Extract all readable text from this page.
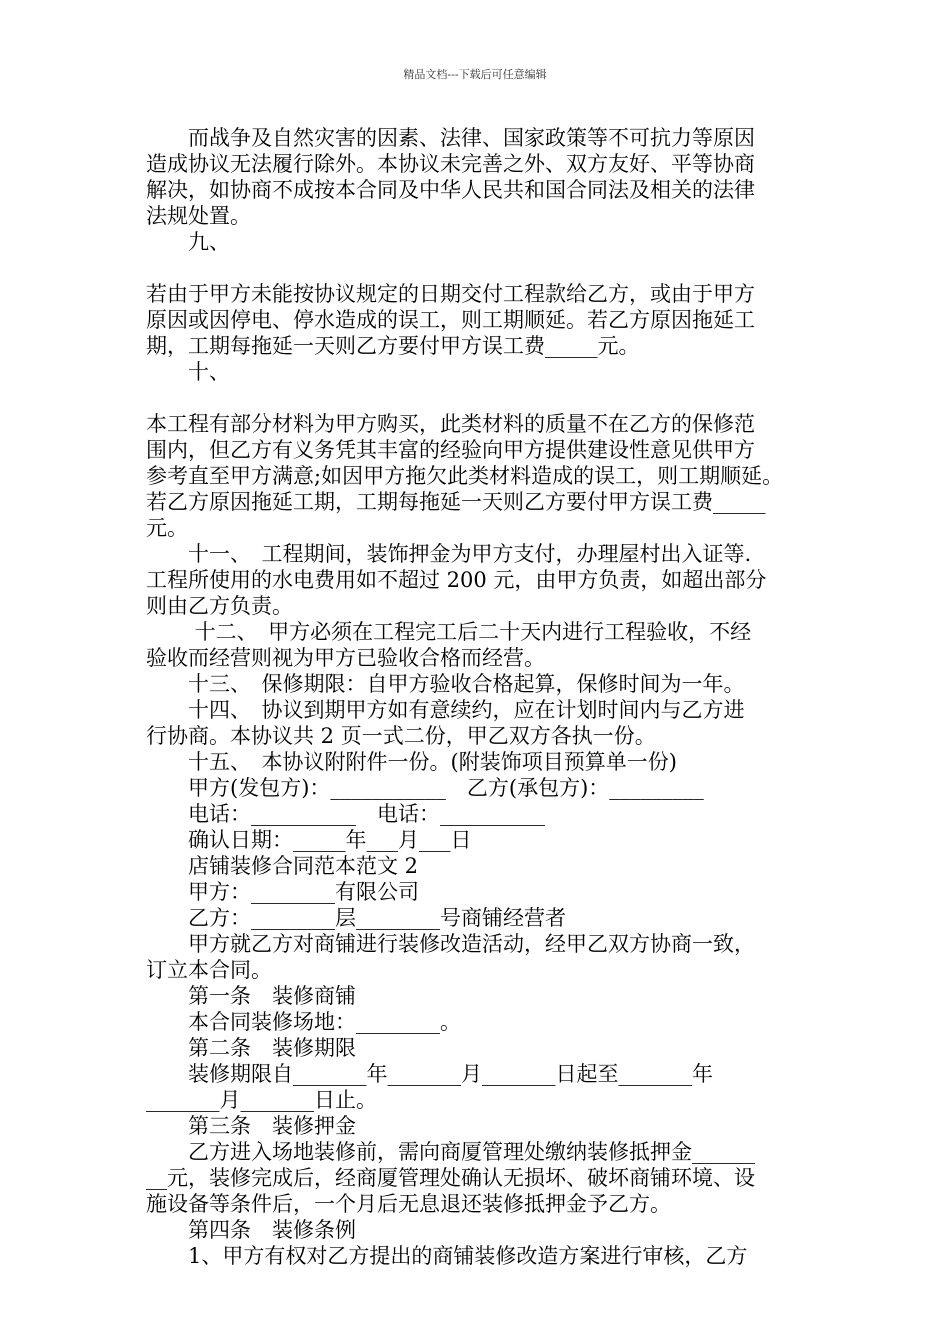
精品文档---下载后可任意编辑
　　而战争及自然灾害的因素、法律、国家政策等不可抗力等原因
造成协议无法履行除外。本协议未完善之外、双方友好、平等协商
解决，如协商不成按本合同及中华人民共和国合同法及相关的法律
法规处置。
　　九、
若由于甲方未能按协议规定的日期交付工程款给乙方，或由于甲方
原因或因停电、停水造成的误工，则工期顺延。若乙方原因拖延工
期，工期每拖延一天则乙方要付甲方误工费_____元。
　　十、
本工程有部分材料为甲方购买，此类材料的质量不在乙方的保修范
围内，但乙方有义务凭其丰富的经验向甲方提供建设性意见供甲方
参考直至甲方满意;如因甲方拖欠此类材料造成的误工，则工期顺延。
若乙方原因拖延工期，工期每拖延一天则乙方要付甲方误工费_____
元。
　　十一、　工程期间，装饰押金为甲方支付，办理屋村出入证等.
工程所使用的水电费用如不超过 200 元，由甲方负责，如超出部分
则由乙方负责。
　　 十二、　甲方必须在工程完工后二十天内进行工程验收，不经
验收而经营则视为甲方已验收合格而经营。
　　十三、　保修期限：自甲方验收合格起算，保修时间为一年。
　　十四、　协议到期甲方如有意续约，应在计划时间内与乙方进
行协商。本协议共 2 页一式二份，甲乙双方各执一份。
　　十五、　本协议附附件一份。(附装饰项目预算单一份)
　　甲方(发包方)：___________　乙方(承包方)：_________
　　电话：__________　电话：__________
　　确认日期：_____年___月___日
　　店铺装修合同范本范文 2
　　甲方：________有限公司
　　乙方：________层________号商铺经营者
　　甲方就乙方对商铺进行装修改造活动，经甲乙双方协商一致，
订立本合同。
　　第一条　装修商铺
　　本合同装修场地：________。
　　第二条　装修期限
　　装修期限自_______年_______月_______日起至_______年
_______月_______日止。
　　第三条　装修押金
　　乙方进入场地装修前，需向商厦管理处缴纳装修抵押金______
__元，装修完成后，经商厦管理处确认无损坏、破坏商铺环境、设
施设备等条件后，一个月后无息退还装修抵押金予乙方。
　　第四条　装修条例
　　1、甲方有权对乙方提出的商铺装修改造方案进行审核，乙方
